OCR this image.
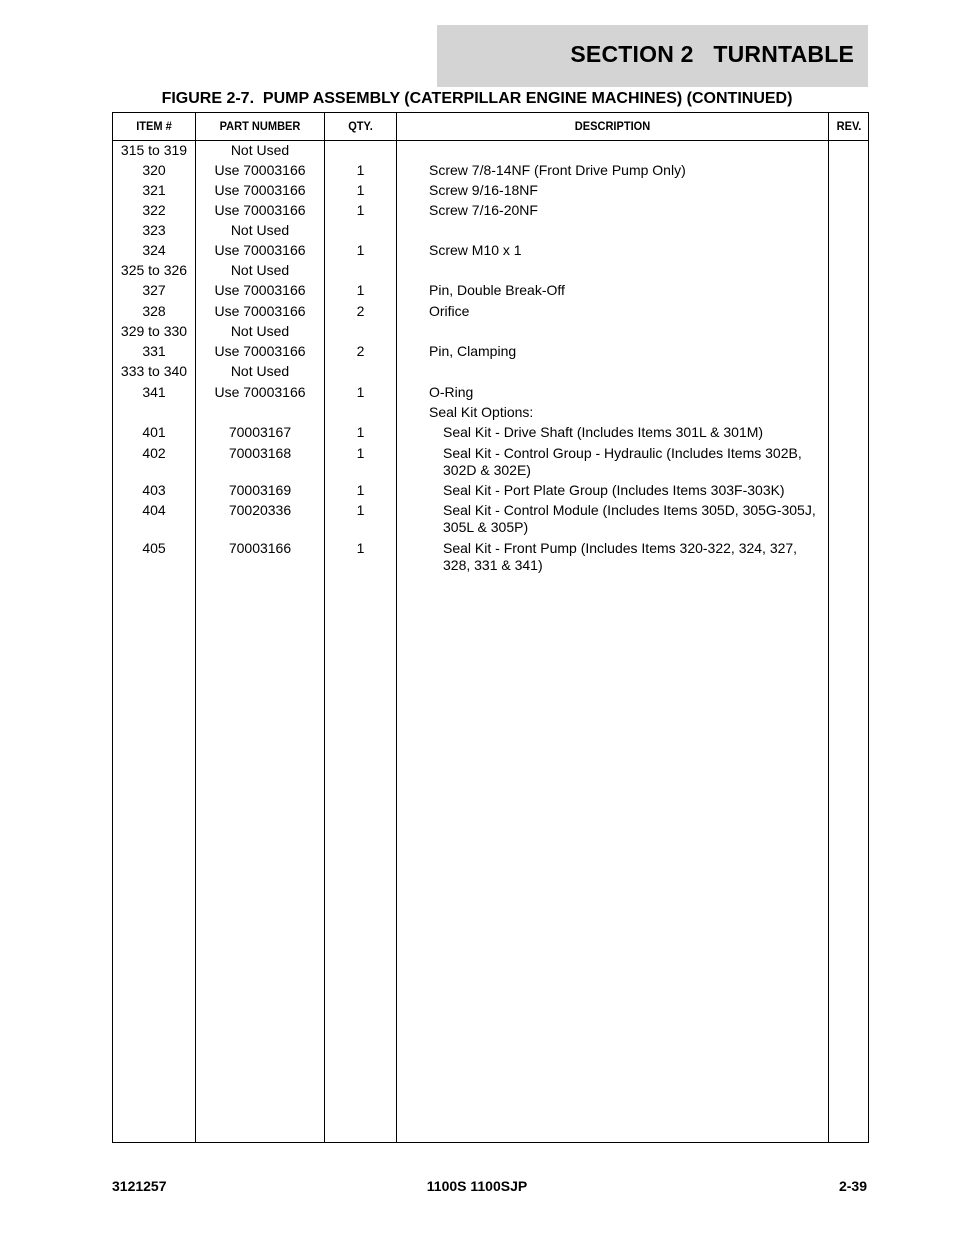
SECTION 2   TURNTABLE
FIGURE 2-7.  PUMP ASSEMBLY (CATERPILLAR ENGINE MACHINES) (CONTINUED)
ITEM #	PART NUMBER	QTY.	DESCRIPTION	REV.
315 to 319	Not Used
320	Use 70003166	1	Screw 7/8-14NF (Front Drive Pump Only)
321	Use 70003166	1	Screw 9/16-18NF
322	Use 70003166	1	Screw 7/16-20NF
323	Not Used
324	Use 70003166	1	Screw M10 x 1
325 to 326	Not Used
327	Use 70003166	1	Pin, Double Break-Off
328	Use 70003166	2	Orifice
329 to 330	Not Used
331	Use 70003166	2	Pin, Clamping
333 to 340	Not Used
341	Use 70003166	1	O-Ring
Seal Kit Options:
401	70003167	1	Seal Kit - Drive Shaft (Includes Items 301L & 301M)
402	70003168	1	Seal Kit - Control Group - Hydraulic (Includes Items 302B, 302D & 302E)
403	70003169	1	Seal Kit - Port Plate Group (Includes Items 303F-303K)
404	70020336	1	Seal Kit - Control Module (Includes Items 305D, 305G-305J, 305L & 305P)
405	70003166	1	Seal Kit - Front Pump (Includes Items 320-322, 324, 327, 328, 331 & 341)
3121257	1100S 1100SJP	2-39
